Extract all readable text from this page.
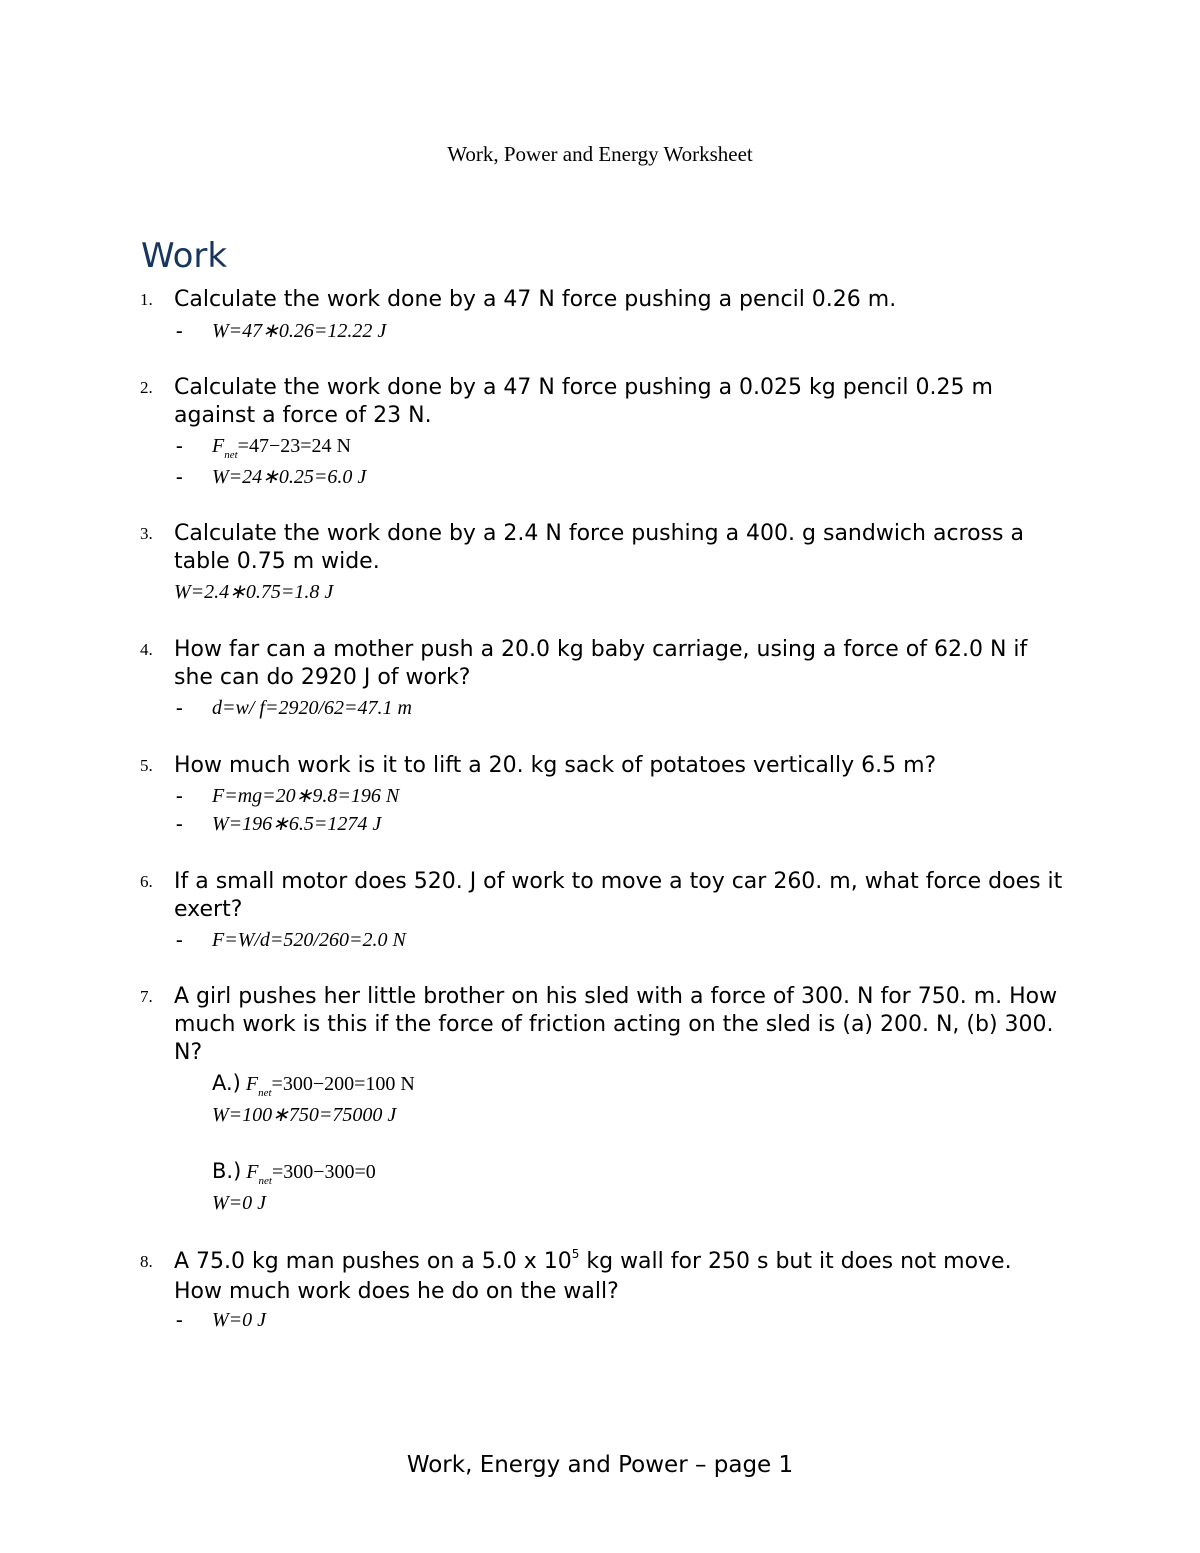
Work, Power and Energy Worksheet
Work
1. Calculate the work done by a 47 N force pushing a pencil 0.26 m.
- W=47∗0.26=12.22 J
2. Calculate the work done by a 47 N force pushing a 0.025 kg pencil 0.25 m against a force of 23 N.
- $F_{net}=47-23=24$ N
- W=24∗0.25=6.0 J
3. Calculate the work done by a 2.4 N force pushing a 400. g sandwich across a table 0.75 m wide.
W=2.4∗0.75=1.8 J
4. How far can a mother push a 20.0 kg baby carriage, using a force of 62.0 N if she can do 2920 J of work?
- d=w/ f=2920/62=47.1 m
5. How much work is it to lift a 20. kg sack of potatoes vertically 6.5 m?
- F=mg=20∗9.8=196 N
- W=196∗6.5=1274 J
6. If a small motor does 520. J of work to move a toy car 260. m, what force does it exert?
- F=W/d=520/260=2.0 N
7. A girl pushes her little brother on his sled with a force of 300. N for 750. m. How much work is this if the force of friction acting on the sled is (a) 200. N, (b) 300. N?
A.) $F_{net}=300-200=100$ N
W=100∗750=75000 J
B.) $F_{net}=300-300=0$
W=0 J
8. A 75.0 kg man pushes on a 5.0 x $10^5$ kg wall for 250 s but it does not move. How much work does he do on the wall?
- W=0 J
Work, Energy and Power – page 1
